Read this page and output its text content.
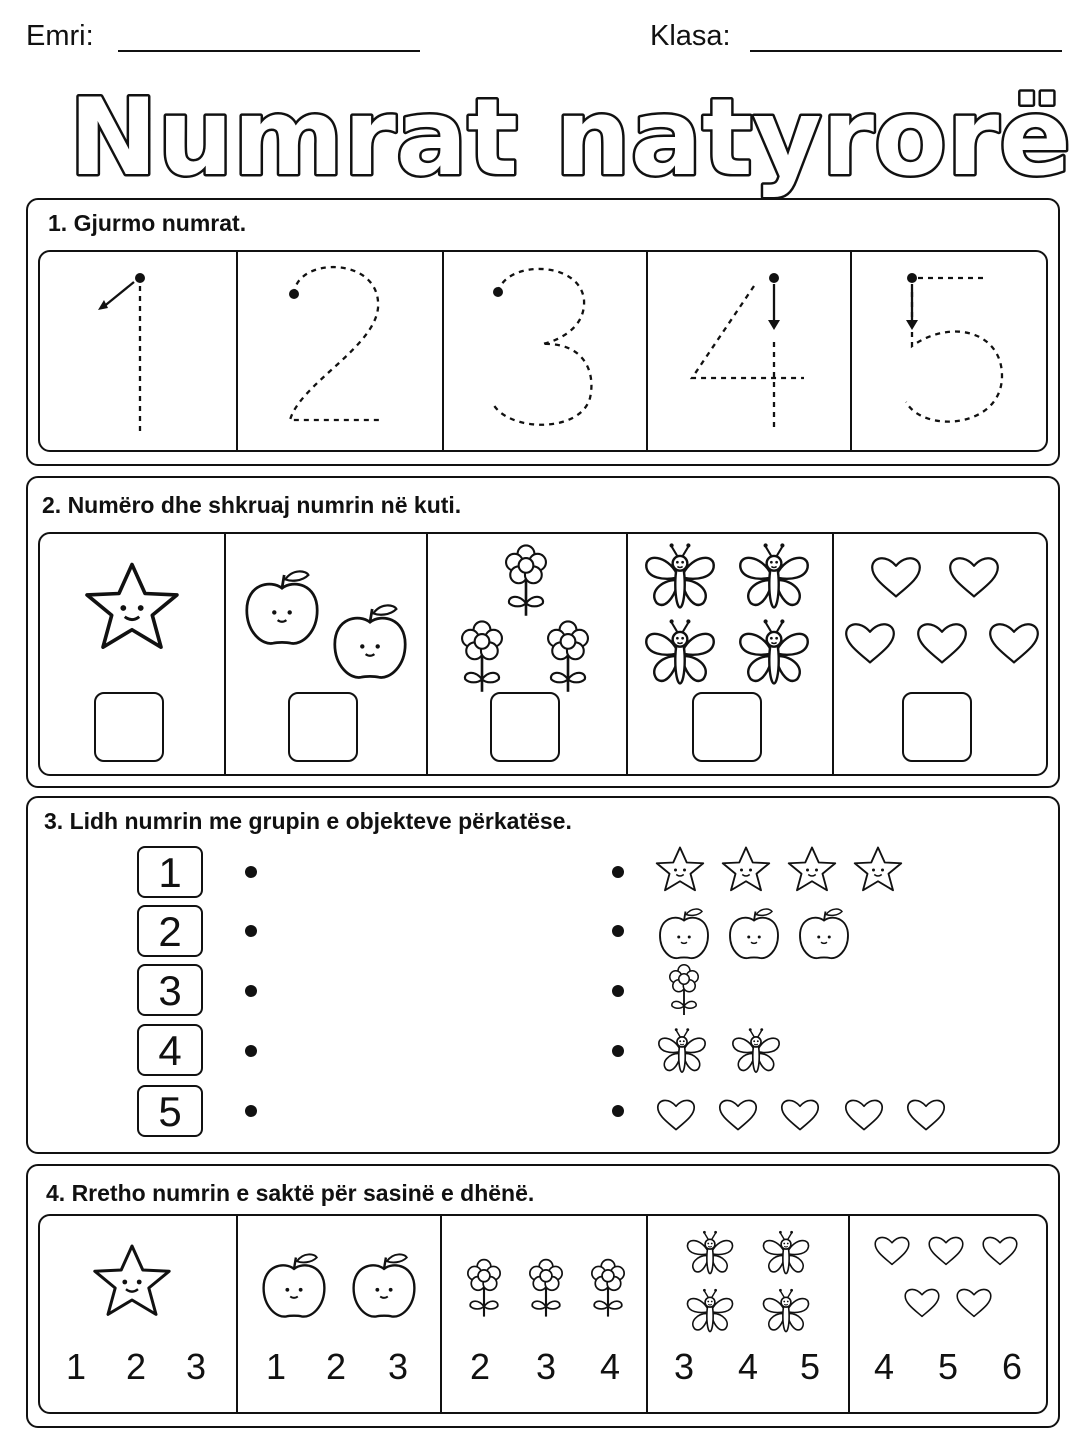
Emri:	Klasa:
Numrat natyrorë
1. Gjurmo numrat.
2. Numëro dhe shkruaj numrin në kuti.
3. Lidh numrin me grupin e objekteve përkatëse.
1
2
3
4
5
4. Rretho numrin e saktë për sasinë e dhënë.
1 2 3 1 2 3 2 3 4 3 4 5 4 5 6
